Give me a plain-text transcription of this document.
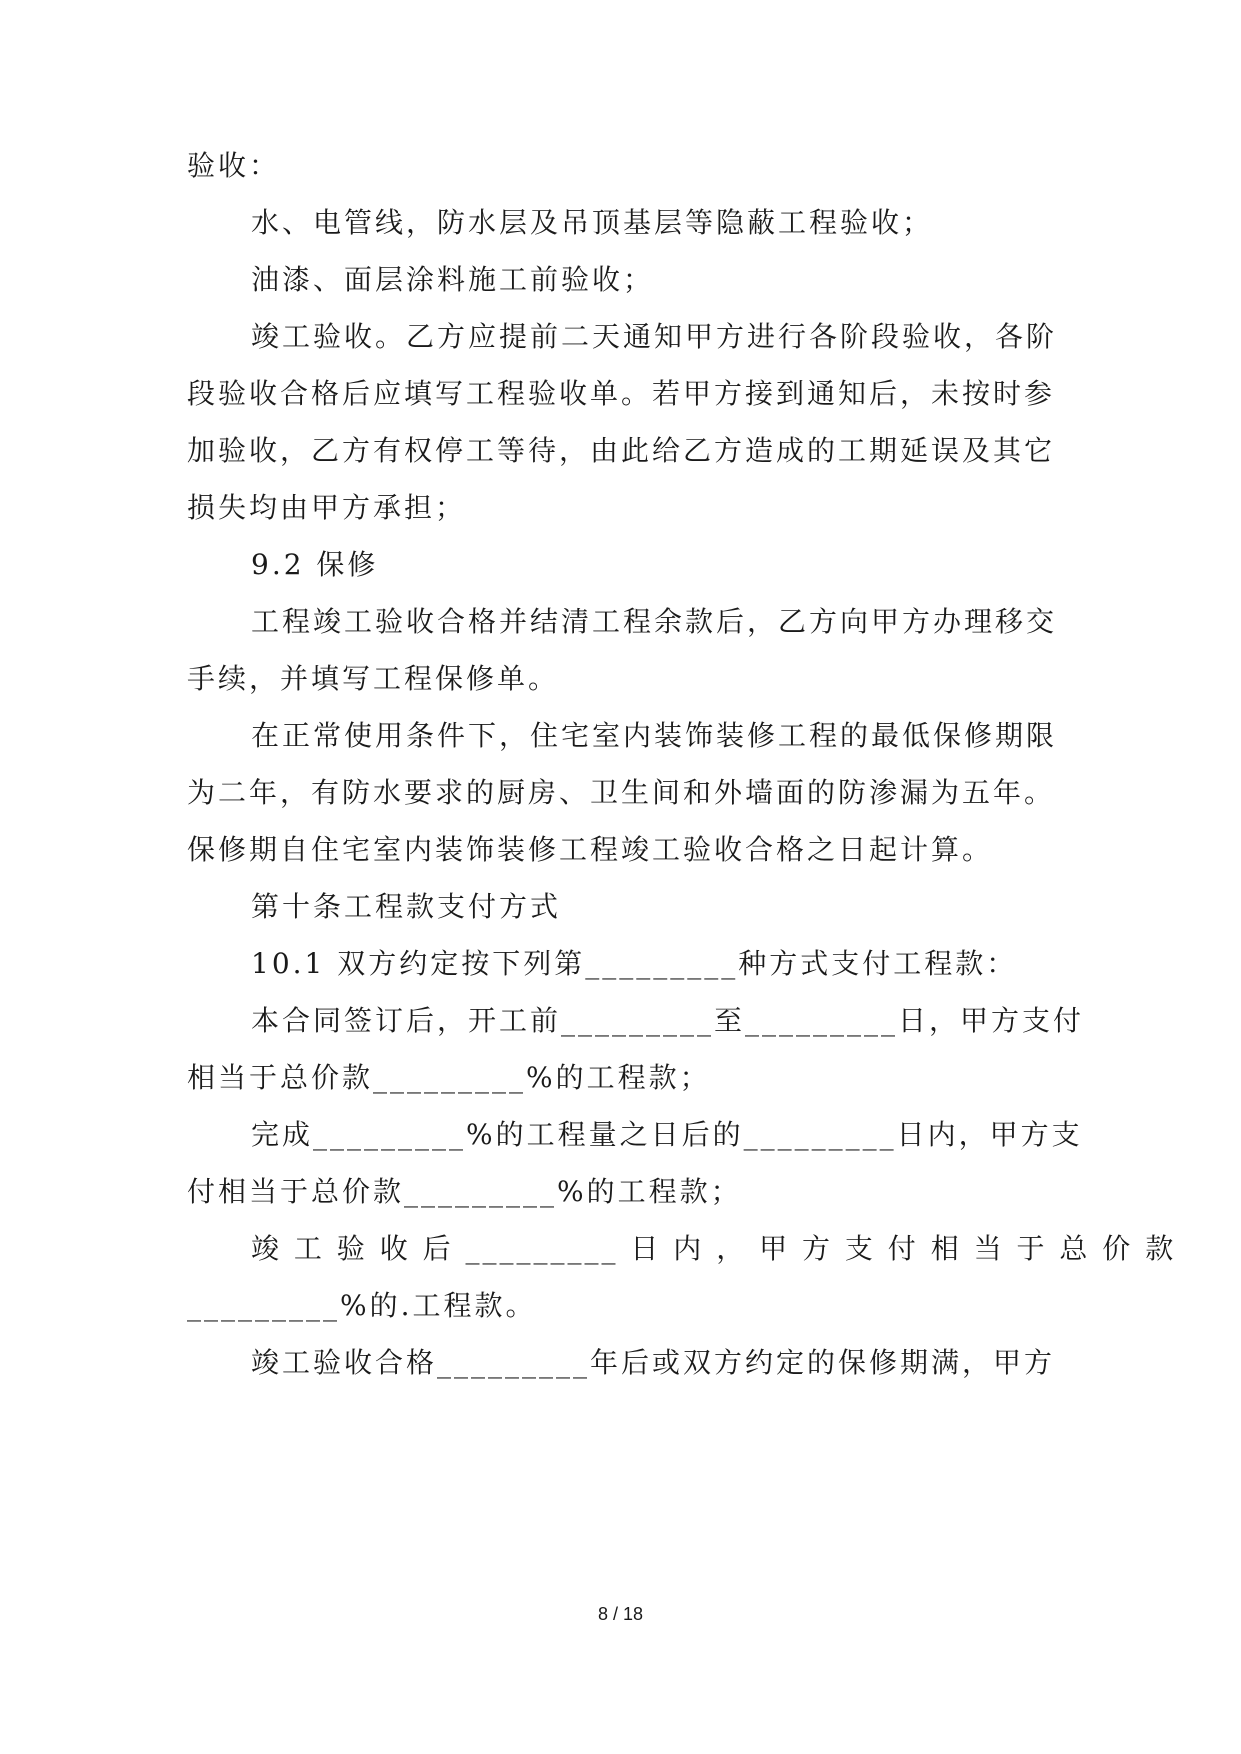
验收：
水、电管线，防水层及吊顶基层等隐蔽工程验收；
油漆、面层涂料施工前验收；
竣工验收。乙方应提前二天通知甲方进行各阶段验收，各阶
段验收合格后应填写工程验收单。若甲方接到通知后，未按时参
加验收，乙方有权停工等待，由此给乙方造成的工期延误及其它
损失均由甲方承担；
9.2 保修
工程竣工验收合格并结清工程余款后，乙方向甲方办理移交
手续，并填写工程保修单。
在正常使用条件下，住宅室内装饰装修工程的最低保修期限
为二年，有防水要求的厨房、卫生间和外墙面的防渗漏为五年。
保修期自住宅室内装饰装修工程竣工验收合格之日起计算。
第十条工程款支付方式
10.1 双方约定按下列第_________种方式支付工程款：
本合同签订后，开工前_________至_________日，甲方支付
相当于总价款_________%的工程款；
完成_________%的工程量之日后的_________日内，甲方支
付相当于总价款_________%的工程款；
竣 工 验 收 后 _________ 日 内 ， 甲 方 支 付 相 当 于 总 价 款
_________%的.工程款。
竣工验收合格_________年后或双方约定的保修期满，甲方
8 / 18
